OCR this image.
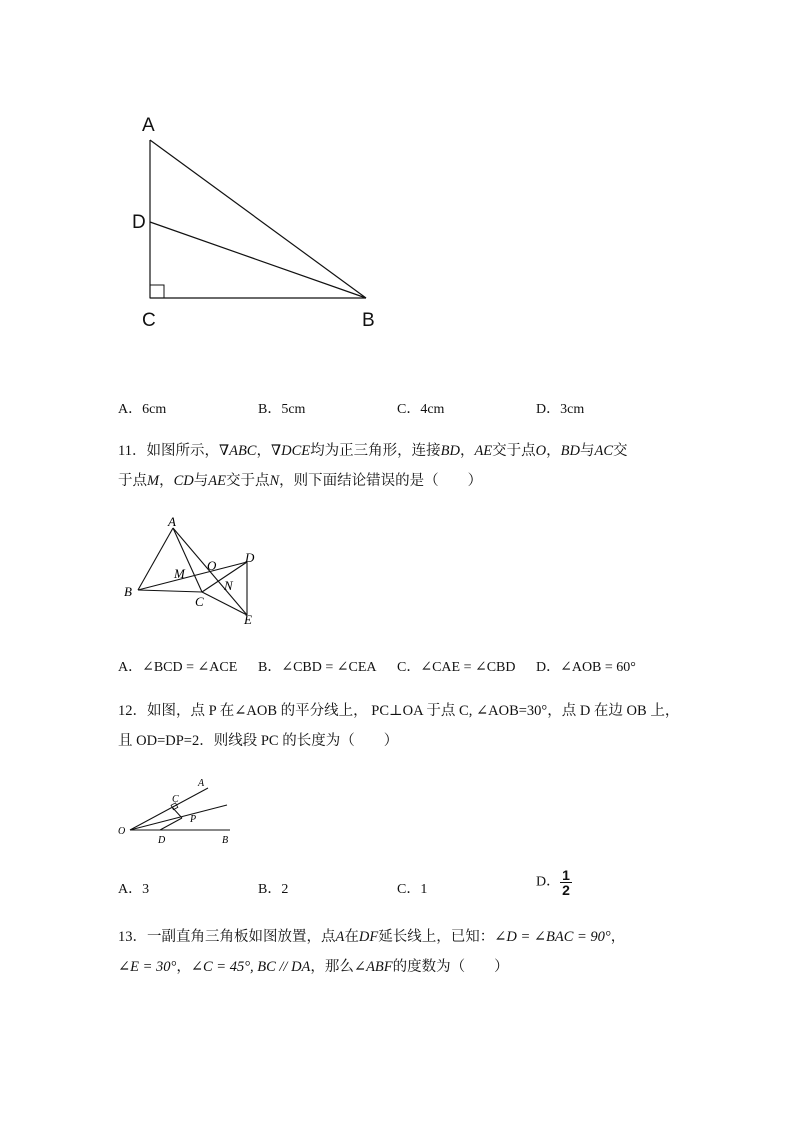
A
D
C	B
A．6cm	B．5cm	C．4cm	D．3cm
11．如图所示，∇ABC，∇DCE均为正三角形，连接BD，AE交于点O，BD与AC交
于点M，CD与AE交于点N，则下面结论错误的是（　　）
A
B
C
D
E
M
O
N
A．∠BCD = ∠ACE B．∠CBD = ∠CEA C．∠CAE = ∠CBD D．∠AOB = 60°
12．如图，点 P 在∠AOB 的平分线上， PC⊥OA 于点 C, ∠AOB=30°，点 D 在边 OB 上，
且 OD=DP=2．则线段 PC 的长度为（　　）
A
C
P
O
D	B
A．3	B．2	C．1	D． $\frac{1}{2}$
13．一副直角三角板如图放置，点A在DF延长线上，已知：∠D = ∠BAC = 90°，
∠E = 30°，∠C = 45°, BC // DA，那么∠ABF的度数为（　　）
